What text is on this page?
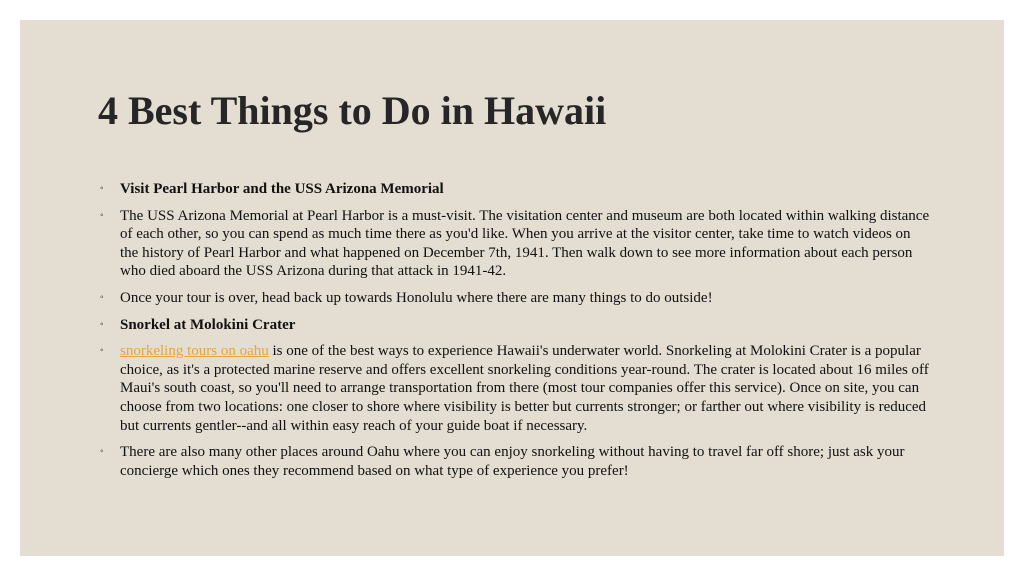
4 Best Things to Do in Hawaii
◦ Visit Pearl Harbor and the USS Arizona Memorial
◦ The USS Arizona Memorial at Pearl Harbor is a must-visit. The visitation center and museum are both located within walking distance of each other, so you can spend as much time there as you'd like. When you arrive at the visitor center, take time to watch videos on the history of Pearl Harbor and what happened on December 7th, 1941. Then walk down to see more information about each person who died aboard the USS Arizona during that attack in 1941-42.
◦ Once your tour is over, head back up towards Honolulu where there are many things to do outside!
◦ Snorkel at Molokini Crater
◦ snorkeling tours on oahu is one of the best ways to experience Hawaii's underwater world. Snorkeling at Molokini Crater is a popular choice, as it's a protected marine reserve and offers excellent snorkeling conditions year-round. The crater is located about 16 miles off Maui's south coast, so you'll need to arrange transportation from there (most tour companies offer this service). Once on site, you can choose from two locations: one closer to shore where visibility is better but currents stronger; or farther out where visibility is reduced but currents gentler--and all within easy reach of your guide boat if necessary.
◦ There are also many other places around Oahu where you can enjoy snorkeling without having to travel far off shore; just ask your concierge which ones they recommend based on what type of experience you prefer!
